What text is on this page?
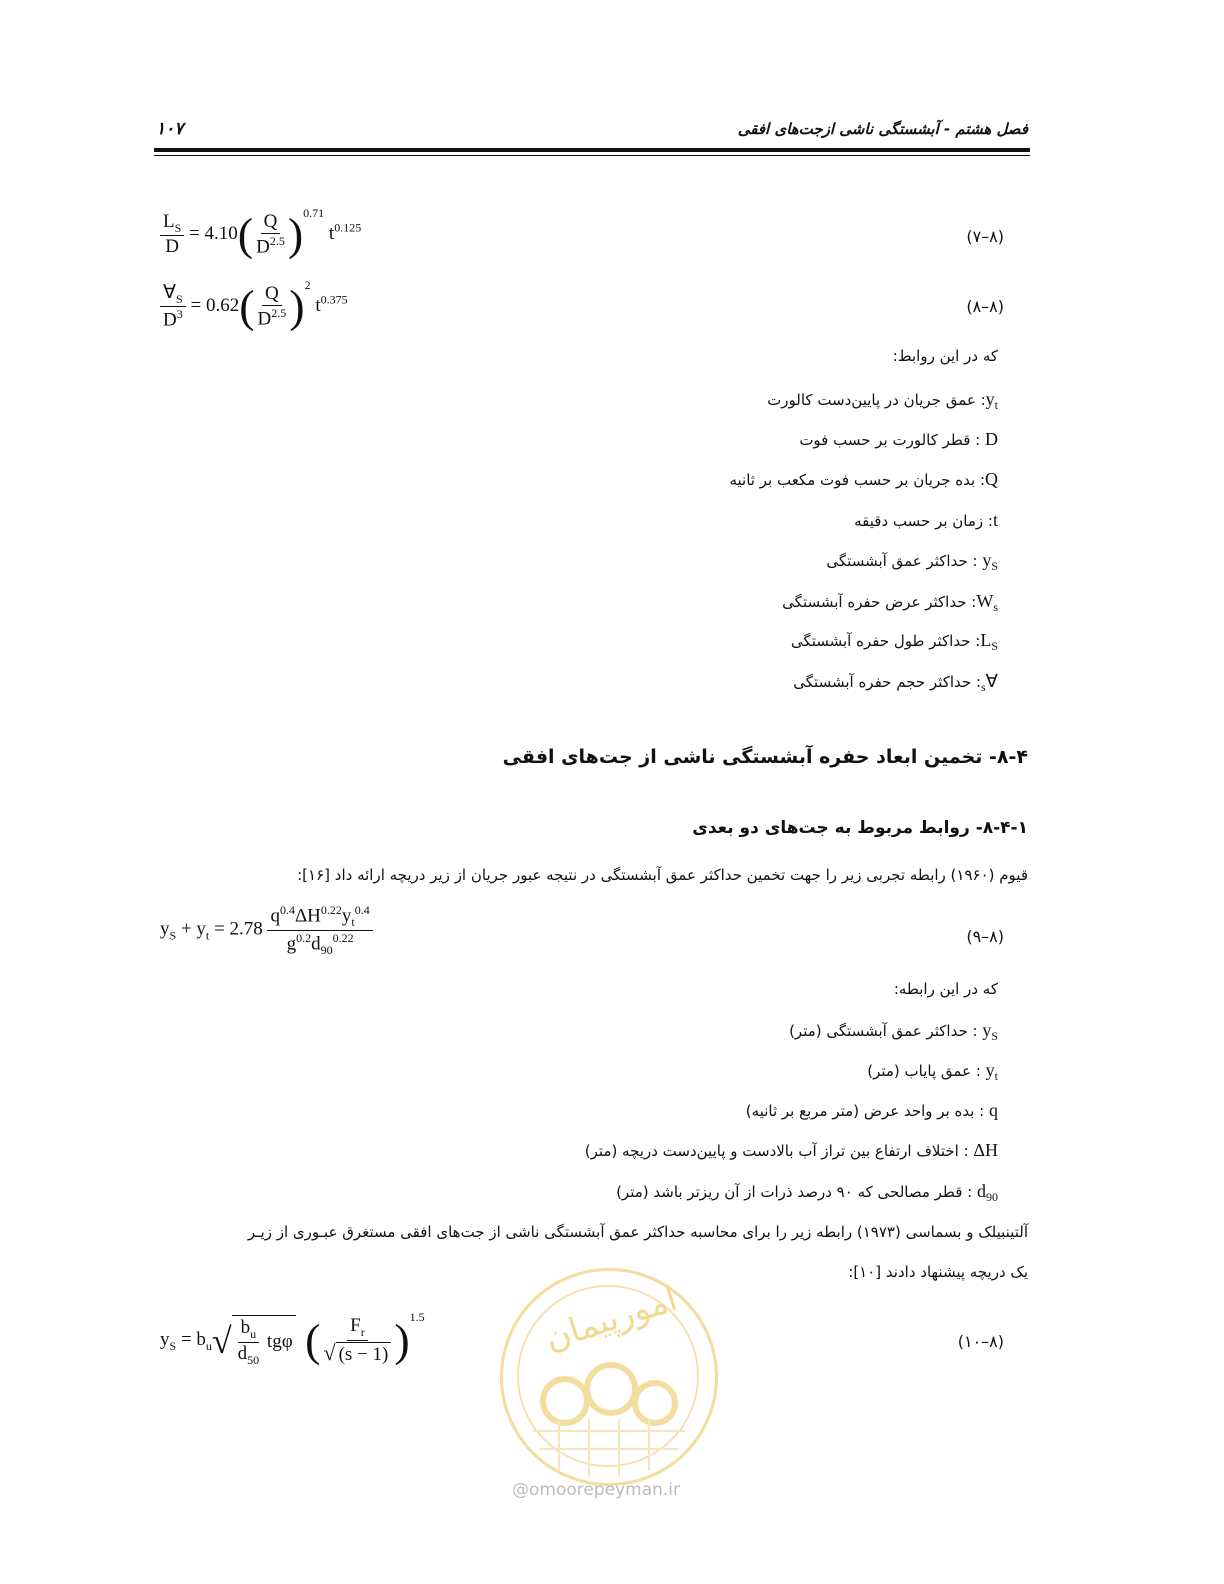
فصل هشتم - آبشستگی ناشی ازجت‌های افقی
۱۰۷
$\frac{L_S}{D} = 4.10( \frac{Q}{D^{2.5}} )^{0.71}$ $t^{0.125}$	(۷–۸)
$\frac{\forall_S}{D^3} = 0.62( \frac{Q}{D^{2.5}} )^2$ $t^{0.375}$	(۸–۸)
که در این روابط:
$y_t$: عمق جریان در پایین‌دست کالورت
D : قطر کالورت بر حسب فوت
Q: بده جریان بر حسب فوت مکعب بر ثانیه
t: زمان بر حسب دقیقه
$y_S$ : حداکثر عمق آبشستگی
$W_s$: حداکثر عرض حفره آبشستگی
$L_S$: حداکثر طول حفره آبشستگی
$\forall_s$: حداکثر حجم حفره آبشستگی
۸-۴- تخمین ابعاد حفره آبشستگی ناشی از جت‌های افقی
۸-۴-۱- روابط مربوط به جت‌های دو بعدی
قیوم (۱۹۶۰) رابطه تجربی زیر را جهت تخمین حداکثر عمق آبشستگی در نتیجه عبور جریان از زیر دریچه ارائه داد [۱۶]:
$y_S + y_t = 2.78 \frac{q^{0.4}\Delta H^{0.22}y_t^{0.4}}{g^{0.2}d_{90}^{0.22}}$	(۹–۸)
که در این رابطه:
$y_S$ : حداکثر عمق آبشستگی (متر)
$y_t$ : عمق پایاب (متر)
q : بده بر واحد عرض (متر مربع بر ثانیه)
ΔH : اختلاف ارتفاع بین تراز آب بالادست و پایین‌دست دریچه (متر)
$d_{90}$ : قطر مصالحی که ۹۰ درصد ذرات از آن ریزتر باشد (متر)
آلتینبیلک و بسماسی (۱۹۷۳) رابطه زیر را برای محاسبه حداکثر عمق آبشستگی ناشی از جت‌های افقی مستغرق عبـوری از زیـر
یک دریچه پیشنهاد دادند [۱۰]:
$y_S = b_u$ √ $\frac{b_u}{d_{50}}$
tgφ ( $\frac{F_r}{√ (s - 1)} )^{1.5}$
(۱۰–۸)
امورپیمان
@omoorepeyman.ir
